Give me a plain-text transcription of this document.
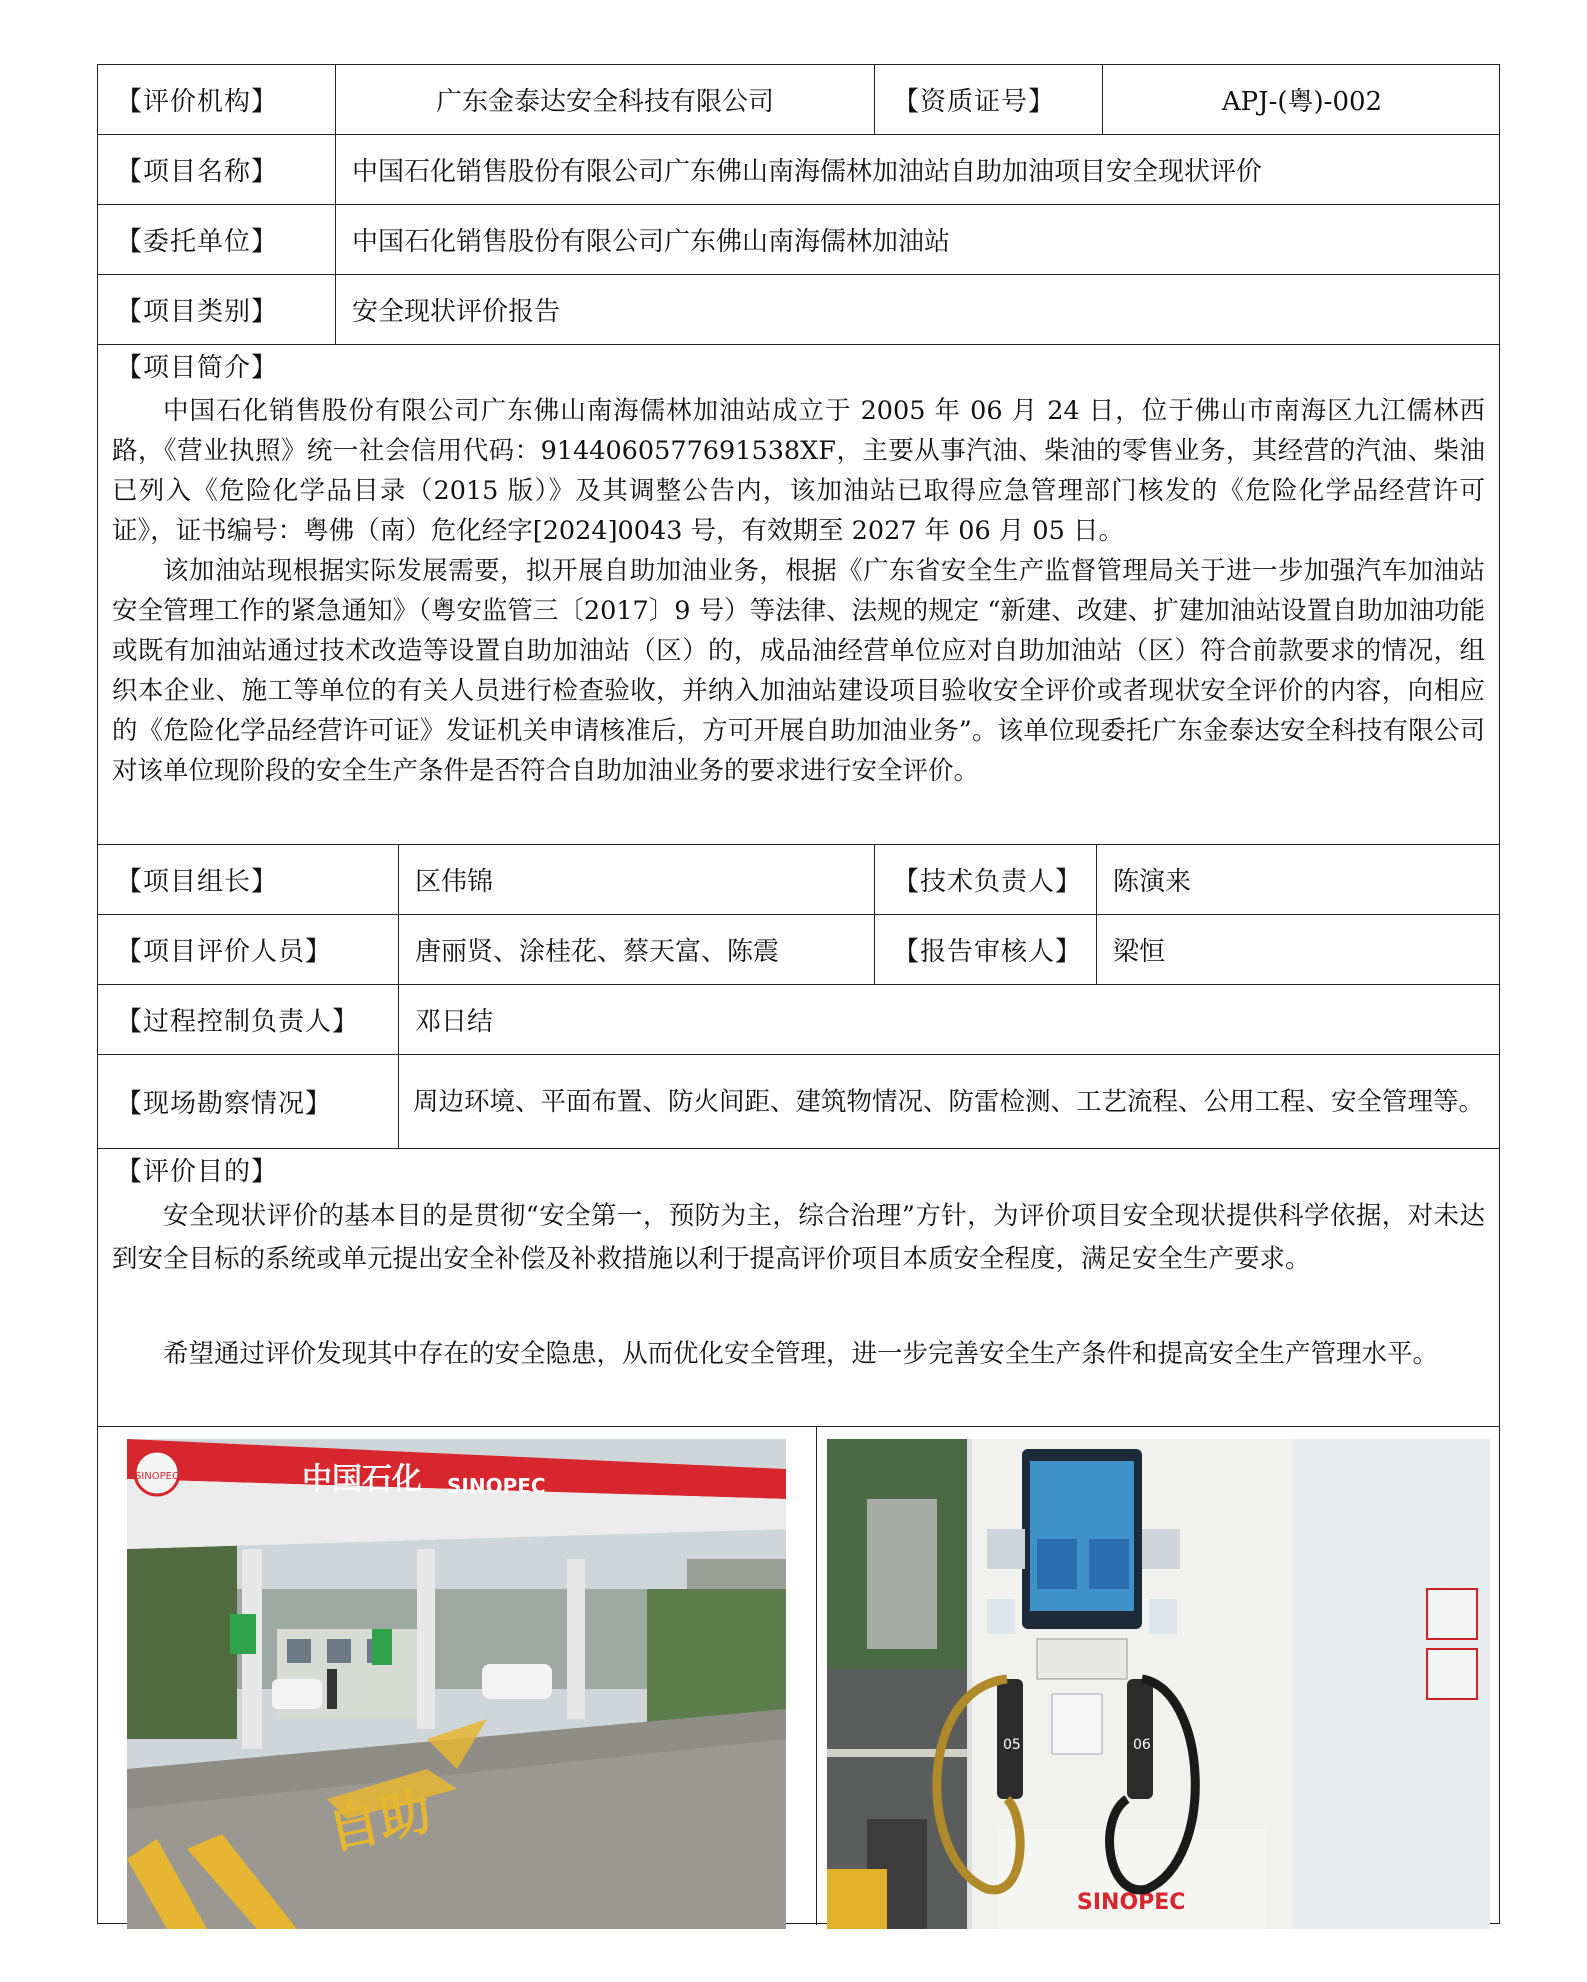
【评价机构】	广东金泰达安全科技有限公司	【资质证号】	APJ-(粤)-002
【项目名称】	中国石化销售股份有限公司广东佛山南海儒林加油站自助加油项目安全现状评价
【委托单位】	中国石化销售股份有限公司广东佛山南海儒林加油站
【项目类别】	安全现状评价报告
【项目简介】
中国石化销售股份有限公司广东佛山南海儒林加油站成立于 2005 年 06 月 24 日，位于佛山市南海区九江儒林西路，《营业执照》统一社会信用代码：9144060577691538XF，主要从事汽油、柴油的零售业务，其经营的汽油、柴油已列入《危险化学品目录（2015 版）》及其调整公告内，该加油站已取得应急管理部门核发的《危险化学品经营许可证》，证书编号：粤佛（南）危化经字[2024]0043 号，有效期至 2027 年 06 月 05 日。
该加油站现根据实际发展需要，拟开展自助加油业务，根据《广东省安全生产监督管理局关于进一步加强汽车加油站安全管理工作的紧急通知》（粤安监管三〔2017〕9 号）等法律、法规的规定 “新建、改建、扩建加油站设置自助加油功能或既有加油站通过技术改造等设置自助加油站（区）的，成品油经营单位应对自助加油站（区）符合前款要求的情况，组织本企业、施工等单位的有关人员进行检查验收，并纳入加油站建设项目验收安全评价或者现状安全评价的内容，向相应的《危险化学品经营许可证》发证机关申请核准后，方可开展自助加油业务”。该单位现委托广东金泰达安全科技有限公司对该单位现阶段的安全生产条件是否符合自助加油业务的要求进行安全评价。
【项目组长】	区伟锦	【技术负责人】	陈演来
【项目评价人员】	唐丽贤、涂桂花、蔡天富、陈震	【报告审核人】	梁恒
【过程控制负责人】	邓日结
【现场勘察情况】	周边环境、平面布置、防火间距、建筑物情况、防雷检测、工艺流程、公用工程、安全管理等。
【评价目的】
安全现状评价的基本目的是贯彻“安全第一，预防为主，综合治理”方针，为评价项目安全现状提供科学依据，对未达到安全目标的系统或单元提出安全补偿及补救措施以利于提高评价项目本质安全程度，满足安全生产要求。
希望通过评价发现其中存在的安全隐患，从而优化安全管理，进一步完善安全生产条件和提高安全生产管理水平。
SINOPEC	中国石化 SINOPEC
自助
SINOPEC
05	06
